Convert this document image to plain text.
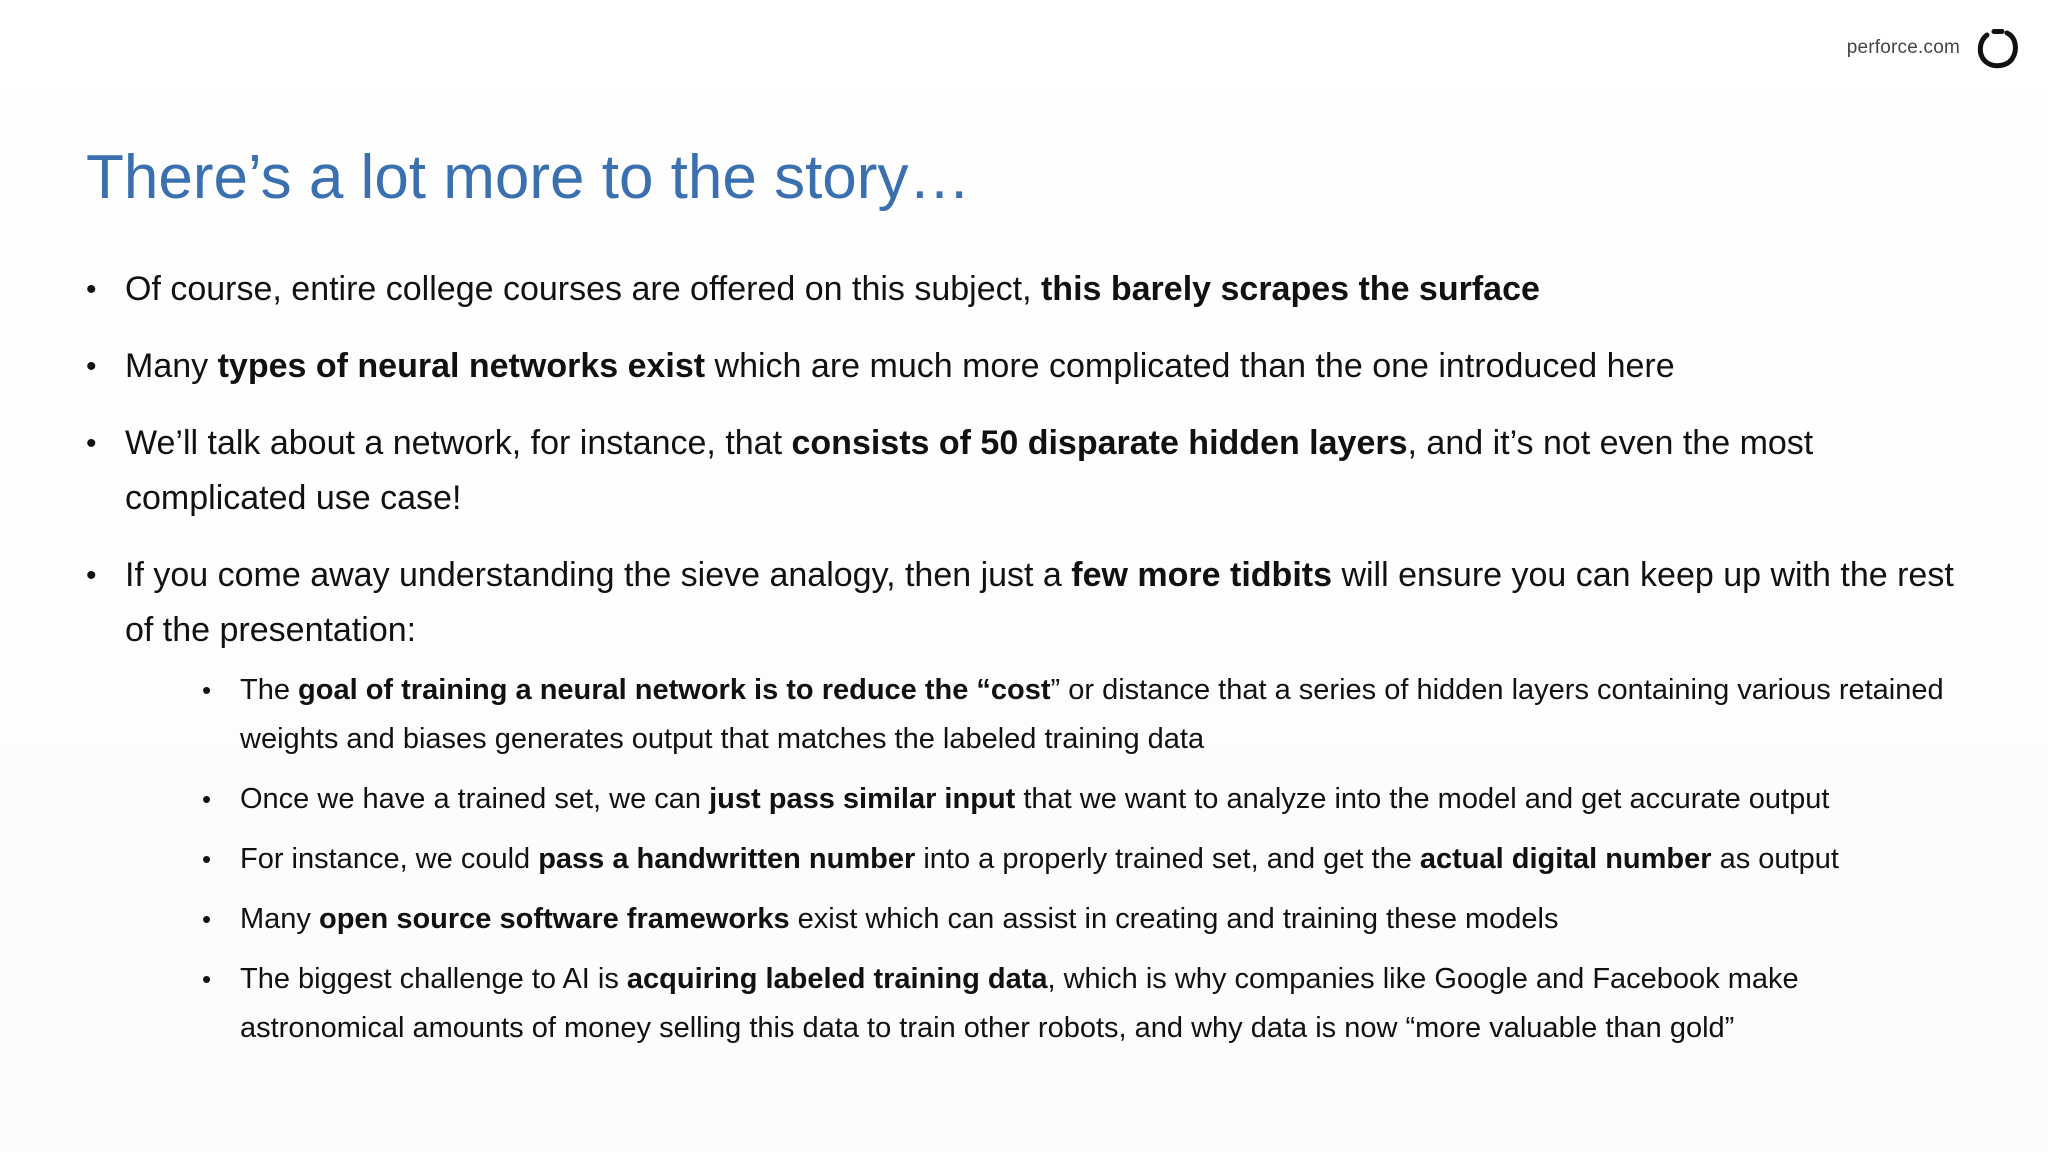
perforce.com
There’s a lot more to the story…
• Of course, entire college courses are offered on this subject, this barely scrapes the surface
• Many types of neural networks exist which are much more complicated than the one introduced here
• We’ll talk about a network, for instance, that consists of 50 disparate hidden layers, and it’s not even the most complicated use case!
• If you come away understanding the sieve analogy, then just a few more tidbits will ensure you can keep up with the rest of the presentation:
• The goal of training a neural network is to reduce the “cost” or distance that a series of hidden layers containing various retained weights and biases generates output that matches the labeled training data
• Once we have a trained set, we can just pass similar input that we want to analyze into the model and get accurate output
• For instance, we could pass a handwritten number into a properly trained set, and get the actual digital number as output
• Many open source software frameworks exist which can assist in creating and training these models
• The biggest challenge to AI is acquiring labeled training data, which is why companies like Google and Facebook make astronomical amounts of money selling this data to train other robots, and why data is now “more valuable than gold”
